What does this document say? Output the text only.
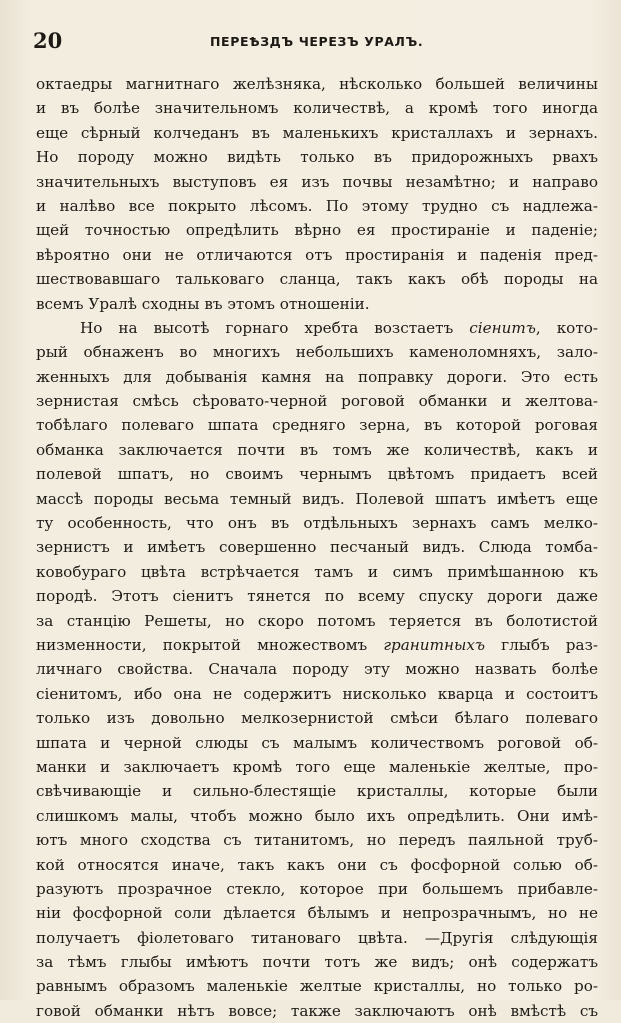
20	ПЕРЕѢЗДЪ ЧЕРЕЗЪ УРАЛЪ.
октаедры магнитнаго желѣзняка, нѣсколько большей величины
и въ болѣе значительномъ количествѣ, а кромѣ того иногда
еще сѣрный колчеданъ въ маленькихъ кристаллахъ и зернахъ.
Но породу можно видѣть только въ придорожныхъ рвахъ
значительныхъ выступовъ ея изъ почвы незамѣтно; и направо
и налѣво все покрыто лѣсомъ. По этому трудно съ надлежа-
щей точностью опредѣлить вѣрно ея простираніе и паденіе;
вѣроятно они не отличаются отъ простиранія и паденія пред-
шествовавшаго тальковаго сланца, такъ какъ обѣ породы на
всемъ Уралѣ сходны въ этомъ отношеніи.
Но на высотѣ горнаго хребта возстаетъ сіенитъ, кото-
рый обнаженъ во многихъ небольшихъ каменоломняхъ, зало-
женныхъ для добыванія камня на поправку дороги. Это есть
зернистая смѣсь сѣровато-черной роговой обманки и желтова-
тобѣлаго полеваго шпата средняго зерна, въ которой роговая
обманка заключается почти въ томъ же количествѣ, какъ и
полевой шпатъ, но своимъ чернымъ цвѣтомъ придаетъ всей
массѣ породы весьма темный видъ. Полевой шпатъ имѣетъ еще
ту особенность, что онъ въ отдѣльныхъ зернахъ самъ мелко-
зернистъ и имѣетъ совершенно песчаный видъ. Слюда томба-
ковобураго цвѣта встрѣчается тамъ и симъ примѣшанною къ
породѣ. Этотъ сіенитъ тянется по всему спуску дороги даже
за станцію Решеты, но скоро потомъ теряется въ болотистой
низменности, покрытой множествомъ гранитныхъ глыбъ раз-
личнаго свойства. Сначала породу эту можно назвать болѣе
сіенитомъ, ибо она не содержитъ нисколько кварца и состоитъ
только изъ довольно мелкозернистой смѣси бѣлаго полеваго
шпата и черной слюды съ малымъ количествомъ роговой об-
манки и заключаетъ кромѣ того еще маленькіе желтые, про-
свѣчивающіе и сильно-блестящіе кристаллы, которые были
слишкомъ малы, чтобъ можно было ихъ опредѣлить. Они имѣ-
ютъ много сходства съ титанитомъ, но передъ паяльной труб-
кой относятся иначе, такъ какъ они съ фосфорной солью об-
разуютъ прозрачное стекло, которое при большемъ прибавле-
ніи фосфорной соли дѣлается бѣлымъ и непрозрачнымъ, но не
получаетъ фіолетоваго титановаго цвѣта. —Другія слѣдующія
за тѣмъ глыбы имѣютъ почти тотъ же видъ; онѣ содержатъ
равнымъ образомъ маленькіе желтые кристаллы, но только ро-
говой обманки нѣтъ вовсе; также заключаютъ онѣ вмѣстѣ съ
